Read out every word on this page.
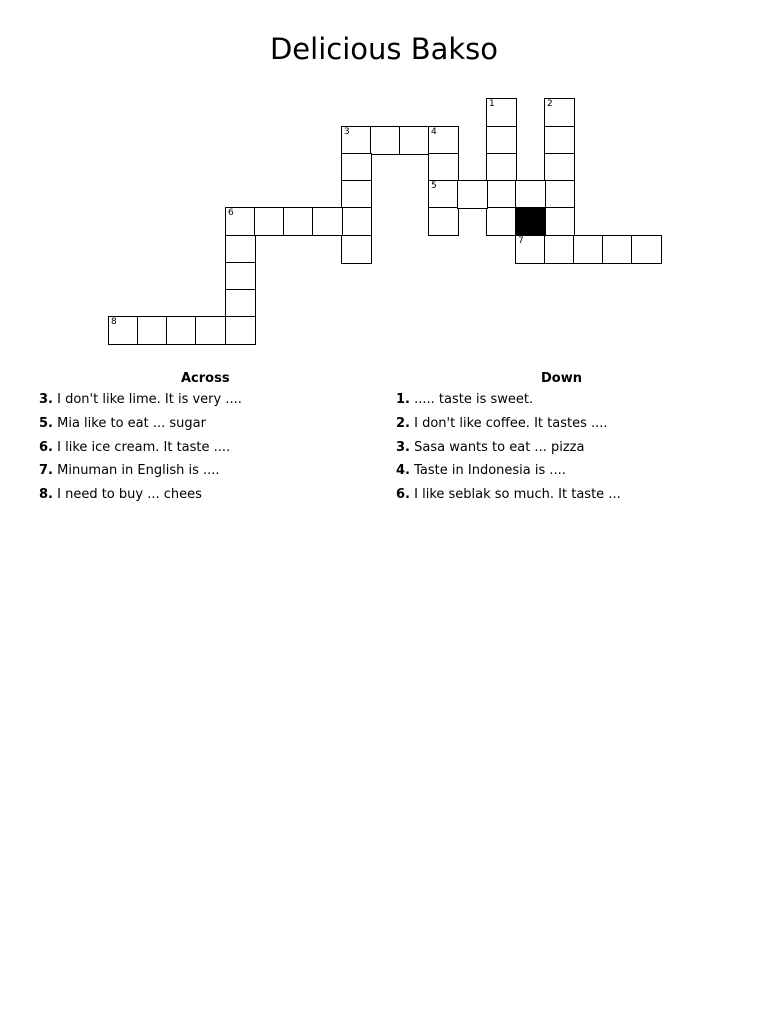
Delicious Bakso
1	2
3	4
5
6
7
8
Across	Down
3. I don't like lime. It is very ....
5. Mia like to eat ... sugar
6. I like ice cream. It taste ....
7. Minuman in English is ....
8. I need to buy ... chees
1. ..... taste is sweet.
2. I don't like coffee. It tastes ....
3. Sasa wants to eat ... pizza
4. Taste in Indonesia is ....
6. I like seblak so much. It taste ...
